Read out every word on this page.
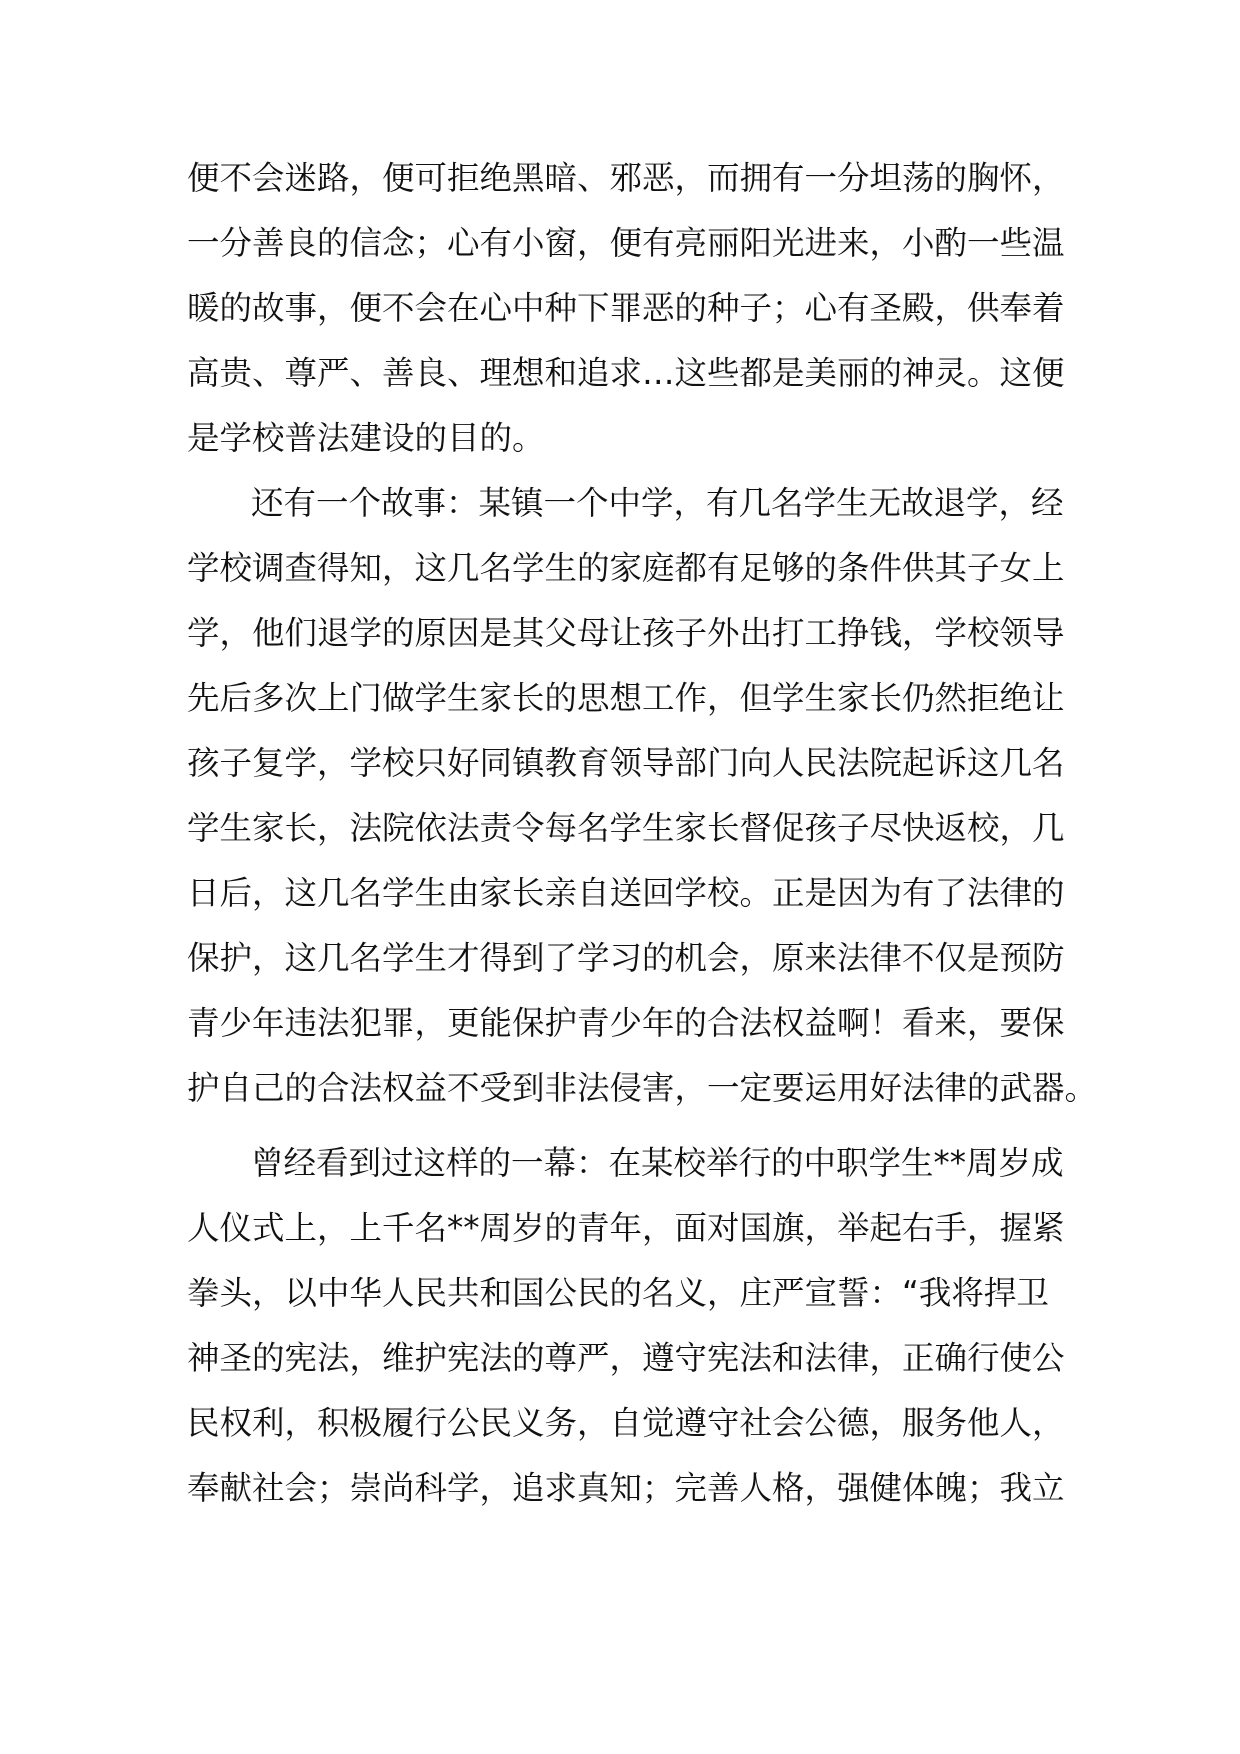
便不会迷路，便可拒绝黑暗、邪恶，而拥有一分坦荡的胸怀，
一分善良的信念；心有小窗，便有亮丽阳光进来，小酌一些温
暖的故事，便不会在心中种下罪恶的种子；心有圣殿，供奉着
高贵、尊严、善良、理想和追求…这些都是美丽的神灵。这便
是学校普法建设的目的。
还有一个故事：某镇一个中学，有几名学生无故退学，经
学校调查得知，这几名学生的家庭都有足够的条件供其子女上
学，他们退学的原因是其父母让孩子外出打工挣钱，学校领导
先后多次上门做学生家长的思想工作，但学生家长仍然拒绝让
孩子复学，学校只好同镇教育领导部门向人民法院起诉这几名
学生家长，法院依法责令每名学生家长督促孩子尽快返校，几
日后，这几名学生由家长亲自送回学校。正是因为有了法律的
保护，这几名学生才得到了学习的机会，原来法律不仅是预防
青少年违法犯罪，更能保护青少年的合法权益啊！看来，要保
护自己的合法权益不受到非法侵害，一定要运用好法律的武器。
曾经看到过这样的一幕：在某校举行的中职学生**周岁成
人仪式上，上千名**周岁的青年，面对国旗，举起右手，握紧
拳头，以中华人民共和国公民的名义，庄严宣誓：“我将捍卫
神圣的宪法，维护宪法的尊严，遵守宪法和法律，正确行使公
民权利，积极履行公民义务，自觉遵守社会公德，服务他人，
奉献社会；崇尚科学，追求真知；完善人格，强健体魄；我立
